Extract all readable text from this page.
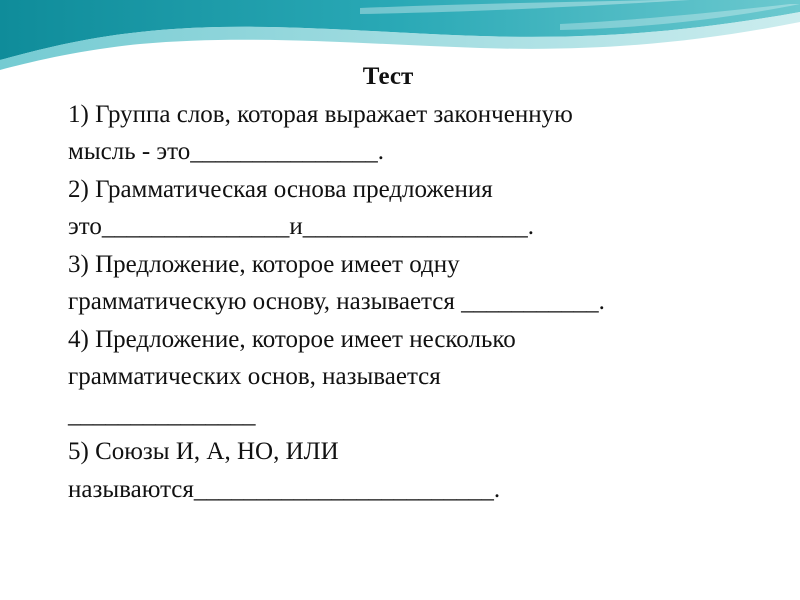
Тест
1) Группа слов, которая выражает законченную
мысль - это_______________.
2) Грамматическая основа предложения
это_______________и__________________.
3) Предложение, которое имеет одну
грамматическую основу, называется ___________.
4) Предложение, которое имеет несколько
грамматических основ, называется
_______________
5) Союзы И, А, НО, ИЛИ
называются________________________.
